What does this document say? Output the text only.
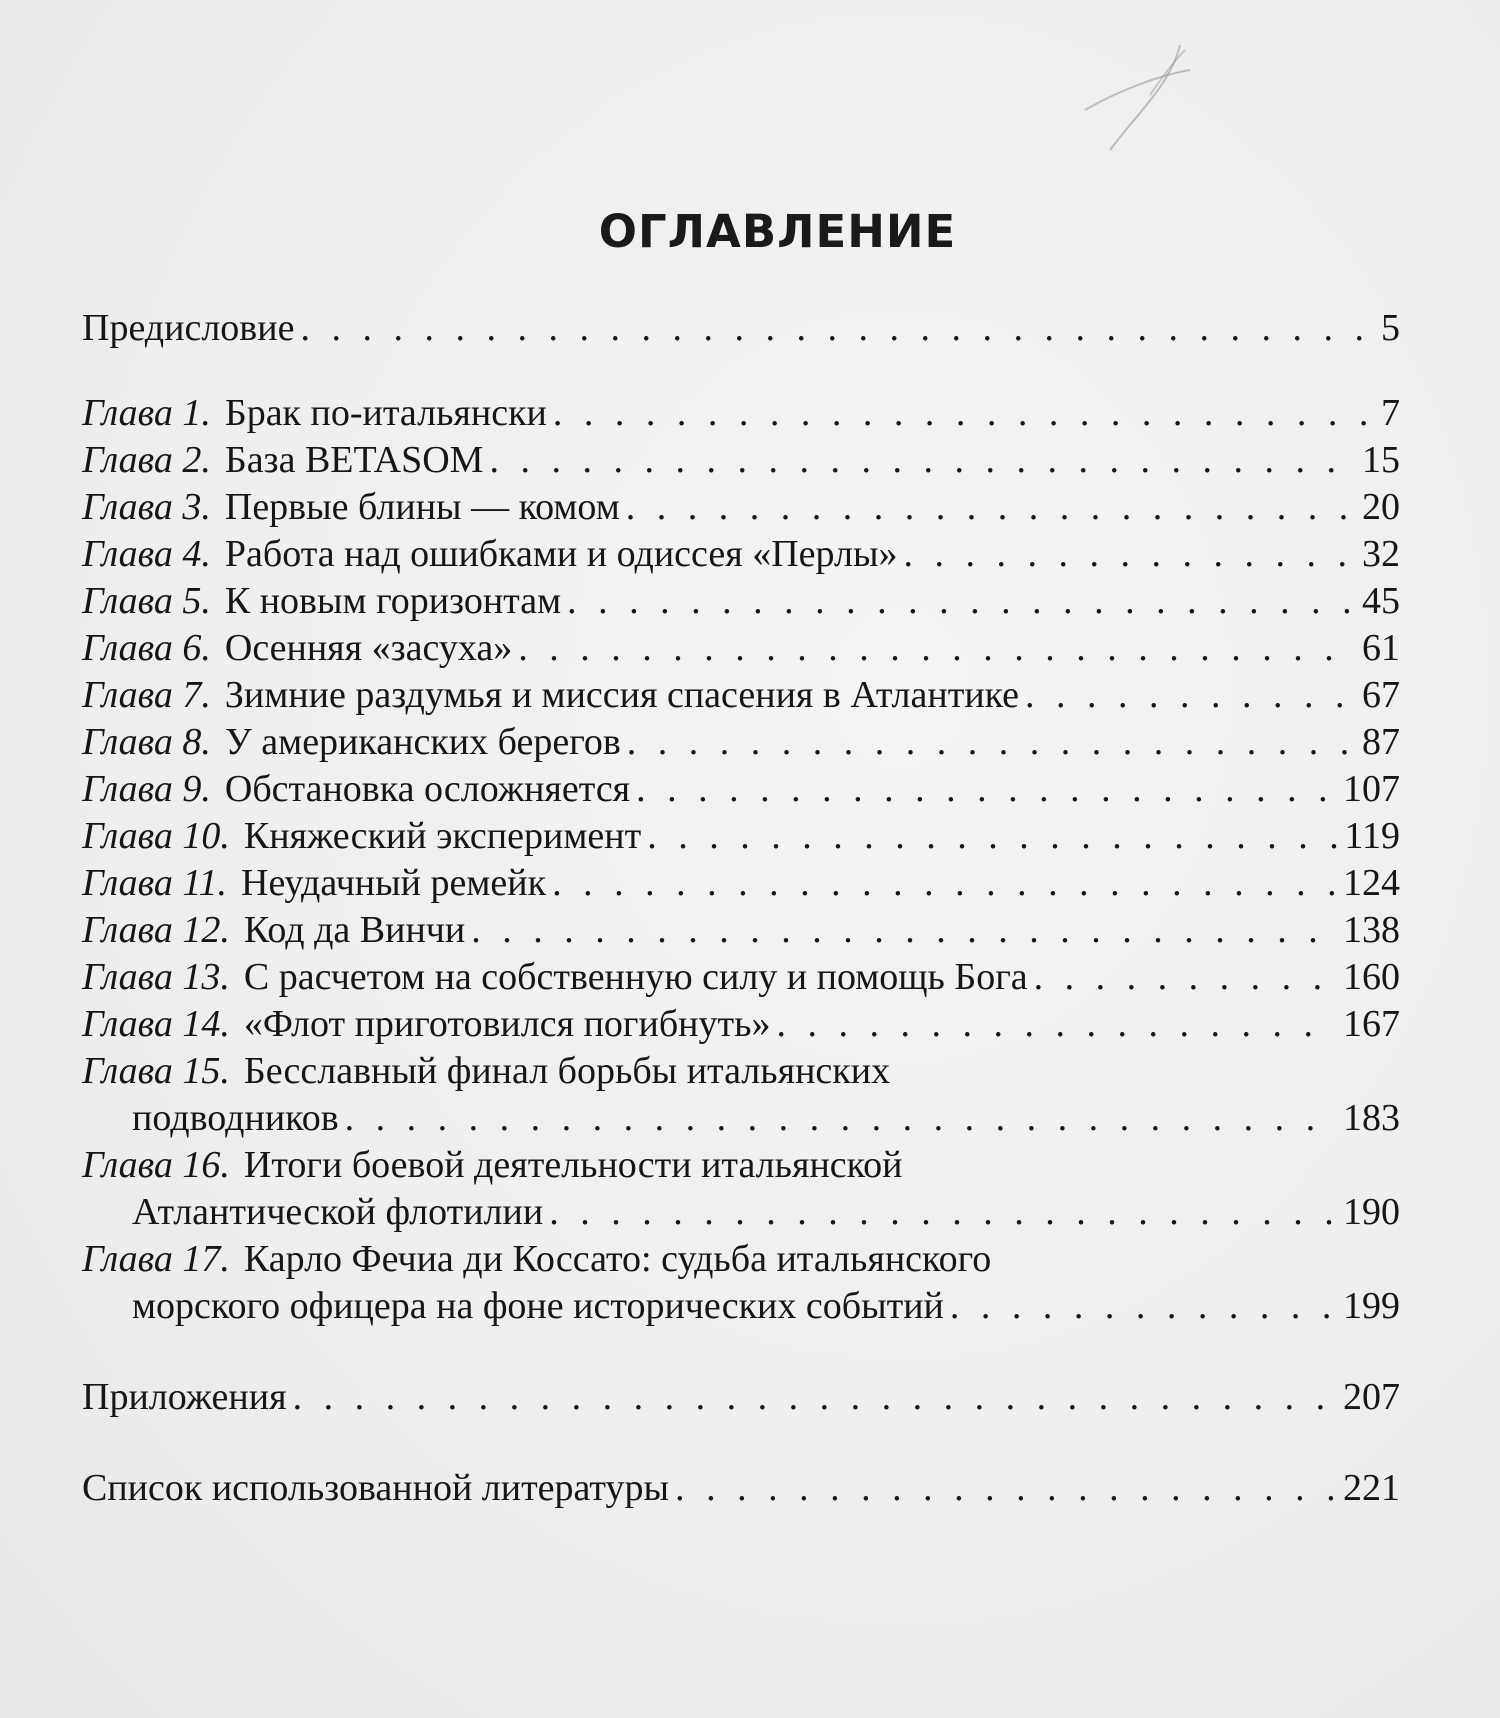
ОГЛАВЛЕНИЕ
Предисловие . . .	5
Глава 1. Брак по-итальянски . . .	7
Глава 2. База BETASOM . . .	15
Глава 3. Первые блины — комом . . .	20
Глава 4. Работа над ошибками и одиссея «Перлы» . . .	32
Глава 5. К новым горизонтам . . .	45
Глава 6. Осенняя «засуха» . . .	61
Глава 7. Зимние раздумья и миссия спасения в Атлантике . . .	67
Глава 8. У американских берегов . . .	87
Глава 9. Обстановка осложняется . . .	107
Глава 10. Княжеский эксперимент . . .	119
Глава 11. Неудачный ремейк . . .	124
Глава 12. Код да Винчи . . .	138
Глава 13. С расчетом на собственную силу и помощь Бога . . .	160
Глава 14. «Флот приготовился погибнуть» . . .	167
Глава 15. Бесславный финал борьбы итальянских
подводников . . .	183
Глава 16. Итоги боевой деятельности итальянской
Атлантической флотилии . . .	190
Глава 17. Карло Фечиа ди Коссато: судьба итальянского
морского офицера на фоне исторических событий . . .	199
Приложения . . .	207
Список использованной литературы . . .	221
